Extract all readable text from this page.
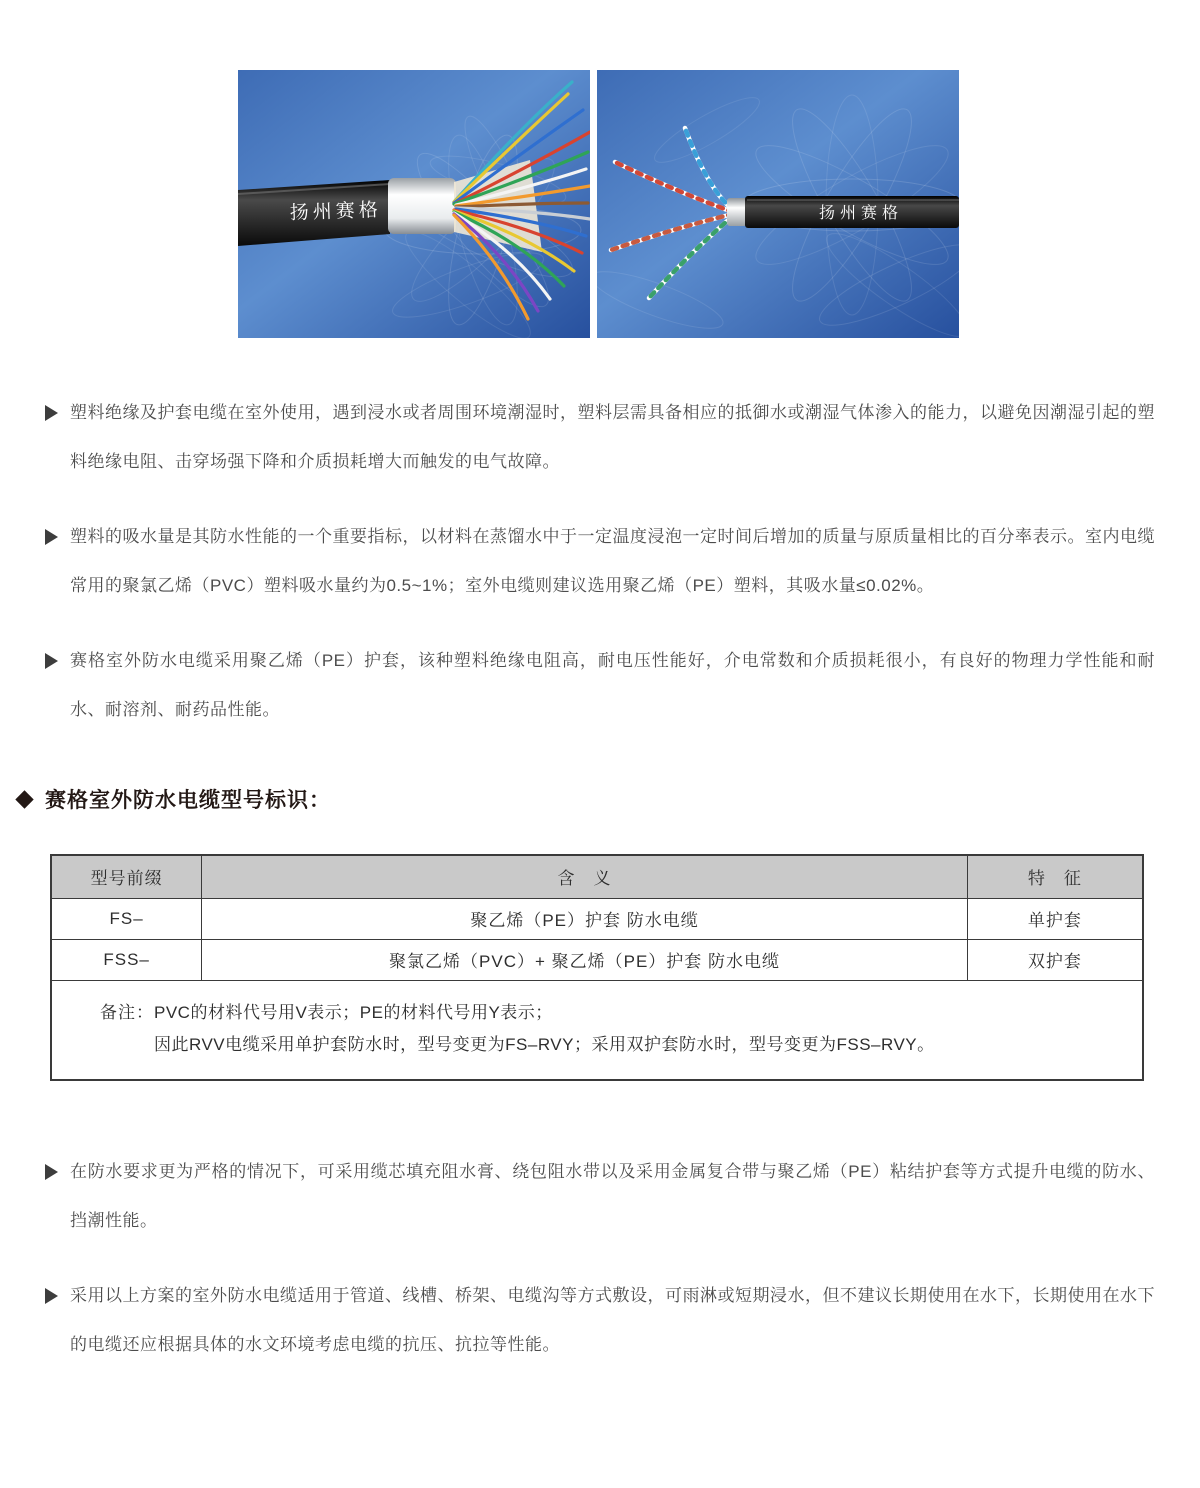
扬州赛格	扬州赛格

塑料绝缘及护套电缆在室外使用，遇到浸水或者周围环境潮湿时，塑料层需具备相应的抵御水或潮湿气体渗入的能力，以避免因潮湿引起的塑料绝缘电阻、击穿场强下降和介质损耗增大而触发的电气故障。

塑料的吸水量是其防水性能的一个重要指标，以材料在蒸馏水中于一定温度浸泡一定时间后增加的质量与原质量相比的百分率表示。室内电缆常用的聚氯乙烯（PVC）塑料吸水量约为0.5~1%；室外电缆则建议选用聚乙烯（PE）塑料，其吸水量≤0.02%。

赛格室外防水电缆采用聚乙烯（PE）护套，该种塑料绝缘电阻高，耐电压性能好，介电常数和介质损耗很小，有良好的物理力学性能和耐水、耐溶剂、耐药品性能。

赛格室外防水电缆型号标识：
型号前缀	含　义	特　征
FS–	聚乙烯（PE）护套 防水电缆	单护套
FSS–	聚氯乙烯（PVC）+ 聚乙烯（PE）护套 防水电缆	双护套

备注： PVC的材料代号用V表示；PE的材料代号用Y表示；

因此RVV电缆采用单护套防水时，型号变更为FS–RVY；采用双护套防水时，型号变更为FSS–RVY。		

在防水要求更为严格的情况下，可采用缆芯填充阻水膏、绕包阻水带以及采用金属复合带与聚乙烯（PE）粘结护套等方式提升电缆的防水、挡潮性能。

采用以上方案的室外防水电缆适用于管道、线槽、桥架、电缆沟等方式敷设，可雨淋或短期浸水，但不建议长期使用在水下，长期使用在水下的电缆还应根据具体的水文环境考虑电缆的抗压、抗拉等性能。
